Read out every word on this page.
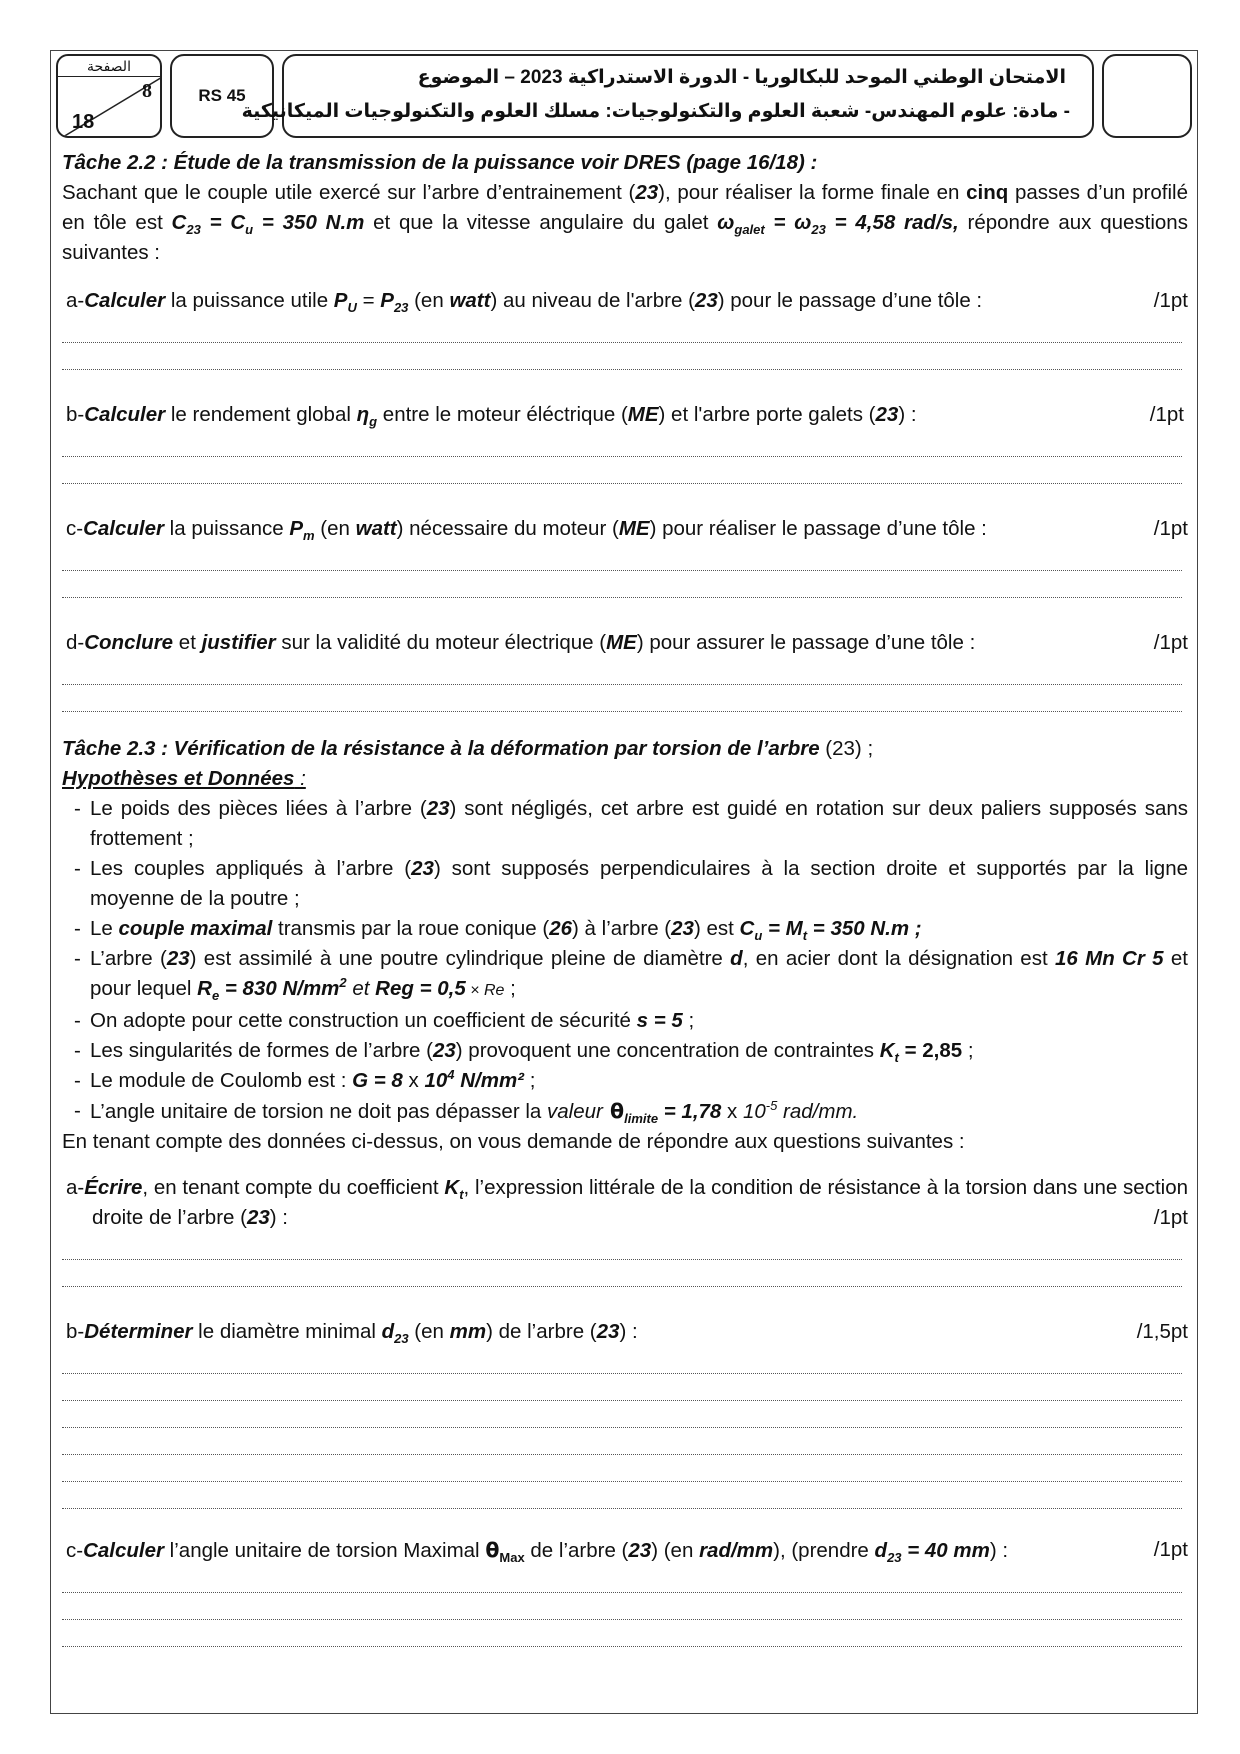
الصفحة
8
18
RS 45
الامتحان الوطني الموحد للبكالوريا - الدورة الاستدراكية 2023 – الموضوع
- مادة: علوم المهندس- شعبة العلوم والتكنولوجيات: مسلك العلوم والتكنولوجيات الميكانيكية

Tâche 2.2 : Étude de la transmission de la puissance voir DRES (page 16/18) :

Sachant que le couple utile exercé sur l’arbre d’entrainement (23), pour réaliser la forme finale en cinq passes d’un profilé en tôle est $C_{23} = C_u = 350$ N.m et que la vitesse angulaire du galet $\omega_{galet} = \omega_{23} = 4,58$ rad/s, répondre aux questions suivantes :

a-Calculer la puissance utile $P_U = P_{23}$ (en watt) au niveau de l'arbre (23) pour le passage d’une tôle :	/1pt
b-Calculer le rendement global $\eta_g$ entre le moteur éléctrique (ME) et l'arbre porte galets (23) :	/1pt
c-Calculer la puissance $P_m$ (en watt) nécessaire du moteur (ME) pour réaliser le passage d’une tôle :	/1pt
d-Conclure et justifier sur la validité du moteur électrique (ME) pour assurer le passage d’une tôle :	/1pt

Tâche 2.3 : Vérification de la résistance à la déformation par torsion de l’arbre (23) ;

Hypothèses et Données :

- Le poids des pièces liées à l’arbre (23) sont négligés, cet arbre est guidé en rotation sur deux paliers supposés sans frottement ;
- Les couples appliqués à l’arbre (23) sont supposés perpendiculaires à la section droite et supportés par la ligne moyenne de la poutre ;
- Le couple maximal transmis par la roue conique (26) à l’arbre (23) est $C_u = M_t = 350$ N.m ;
- L’arbre (23) est assimilé à une poutre cylindrique pleine de diamètre d, en acier dont la désignation est 16 Mn Cr 5 et pour lequel $R_e = 830$ $N/mm^2$ et Reg = 0,5 × Re ;
- On adopte pour cette construction un coefficient de sécurité s = 5 ;
- Les singularités de formes de l’arbre (23) provoquent une concentration de contraintes $K_t = 2,85$ ;
- Le module de Coulomb est : G = 8 x $10^4$ N/mm² ;
- L’angle unitaire de torsion ne doit pas dépasser la valeur $\theta_{limite} = 1,78$ x $10^{-5}$ rad/mm.

En tenant compte des données ci-dessus, on vous demande de répondre aux questions suivantes :

a-Écrire, en tenant compte du coefficient $K_t$, l’expression littérale de la condition de résistance à la torsion dans une section droite de l’arbre (23) :	/1pt
b-Déterminer le diamètre minimal $d_{23}$ (en mm) de l’arbre (23) :	/1,5pt
c-Calculer l’angle unitaire de torsion Maximal $\theta_{Max}$ de l’arbre (23) (en rad/mm), (prendre $d_{23} = 40$ mm) :	/1pt
